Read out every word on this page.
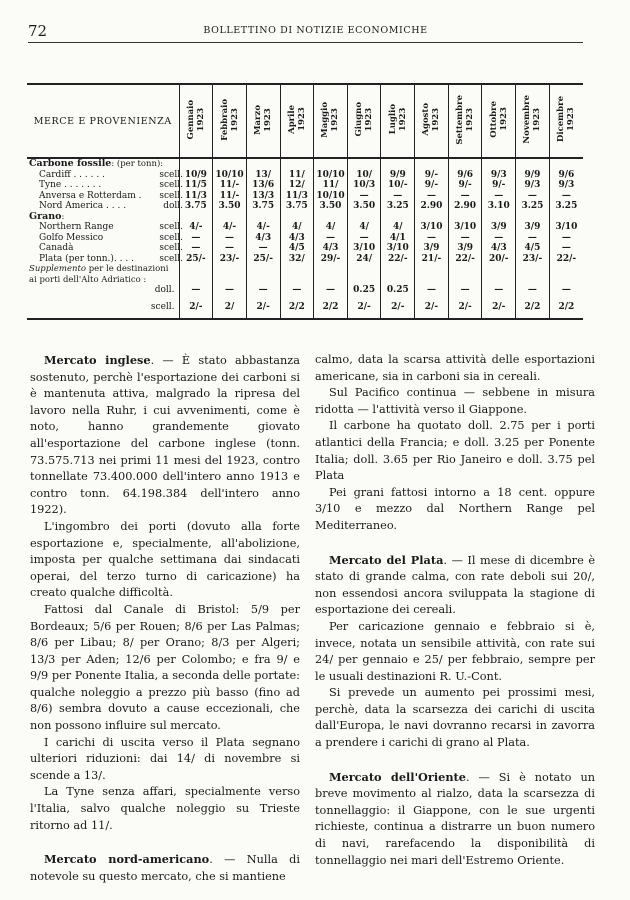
72	BOLLETTINO DI NOTIZIE ECONOMICHE
MERCE E PROVENIENZA	Gennaio 1923	Febbraio 1923	Marzo 1923	Aprile 1923	Maggio 1923	Giugno 1923	Luglio 1923	Agosto 1923	Settembre 1923	Ottobre 1923	Novembre 1923	Dicembre 1923

Carbone fossile: (per tonn):												
Cardiff . . . . . . scell.	10/9	10/10	13/	11/	10/10	10/	9/9	9/-	9/6	9/3	9/9	9/6
Tyne . . . . . . . scell.	11/5	11/-	13/6	12/	11/	10/3	10/-	9/-	9/-	9/-	9/3	9/3
Anversa e Rotterdam . scell.	11/3	11/-	13/3	11/3	10/10	—	—	—	—	—	—	—
Nord America . . . . doll.	3.75	3.50	3.75	3.75	3.50	3.50	3.25	2.90	2.90	3.10	3.25	3.25
Grano:												
Northern Range scell.	4/-	4/-	4/-	4/	4/	4/	4/	3/10	3/10	3/9	3/9	3/10
Golfo Messico scell.	—	—	4/3	4/3	—	—	4/1	—	—	—	—	—
Canadà scell.	—	—	—	4/5	4/3	3/10	3/10	3/9	3/9	4/3	4/5	—
Plata (per tonn.). . . . scell.	25/-	23/-	25/-	32/	29/-	24/	22/-	21/-	22/-	20/-	23/-	22/-
Supplemento per le destinazioni ai porti dell'Alto Adriatico :												
doll.	—	—	—	—	—	0.25	0.25	—	—	—	—	—
scell.	2/-	2/	2/-	2/2	2/2	2/-	2/-	2/-	2/-	2/-	2/2	2/2

Mercato inglese. — È stato abbastanza sostenuto, perchè l'esportazione dei carboni si è mantenuta attiva, malgrado la ripresa del lavoro nella Ruhr, i cui avvenimenti, come è noto, hanno grandemente giovato all'esportazione del carbone inglese (tonn. 73.575.713 nei primi 11 mesi del 1923, contro tonnellate 73.400.000 dell'intero anno 1913 e contro tonn. 64.198.384 dell'intero anno 1922).

L'ingombro dei porti (dovuto alla forte esportazione e, specialmente, all'abolizione, imposta per qualche settimana dai sindacati operai, del terzo turno di caricazione) ha creato qualche difficoltà.

Fattosi dal Canale di Bristol: 5/9 per Bordeaux; 5/6 per Rouen; 8/6 per Las Palmas; 8/6 per Libau; 8/ per Orano; 8/3 per Algeri; 13/3 per Aden; 12/6 per Colombo; e fra 9/ e 9/9 per Ponente Italia, a seconda delle portate: qualche noleggio a prezzo più basso (fino ad 8/6) sembra dovuto a cause eccezionali, che non possono influire sul mercato.

I carichi di uscita verso il Plata segnano ulteriori riduzioni: dai 14/ di novembre si scende a 13/.

La Tyne senza affari, specialmente verso l'Italia, salvo qualche noleggio su Trieste ritorno ad 11/.

Mercato nord-americano. — Nulla di notevole su questo mercato, che si mantiene

calmo, data la scarsa attività delle esportazioni americane, sia in carboni sia in cereali.

Sul Pacifico continua — sebbene in misura ridotta — l'attività verso il Giappone.

Il carbone ha quotato doll. 2.75 per i porti atlantici della Francia; e doll. 3.25 per Ponente Italia; doll. 3.65 per Rio Janeiro e doll. 3.75 pel Plata

Pei grani fattosi intorno a 18 cent. oppure 3/10 e mezzo dal Northern Range pel Mediterraneo.

Mercato del Plata. — Il mese di dicembre è stato di grande calma, con rate deboli sui 20/, non essendosi ancora sviluppata la stagione di esportazione dei cereali.

Per caricazione gennaio e febbraio si è, invece, notata un sensibile attività, con rate sui 24/ per gennaio e 25/ per febbraio, sempre per le usuali destinazioni R. U.-Cont.

Si prevede un aumento pei prossimi mesi, perchè, data la scarsezza dei carichi di uscita dall'Europa, le navi dovranno recarsi in zavorra a prendere i carichi di grano al Plata.

Mercato dell'Oriente. — Si è notato un breve movimento al rialzo, data la scarsezza di tonnellaggio: il Giappone, con le sue urgenti richieste, continua a distrarre un buon numero di navi, rarefacendo la disponibilità di tonnellaggio nei mari dell'Estremo Oriente.
